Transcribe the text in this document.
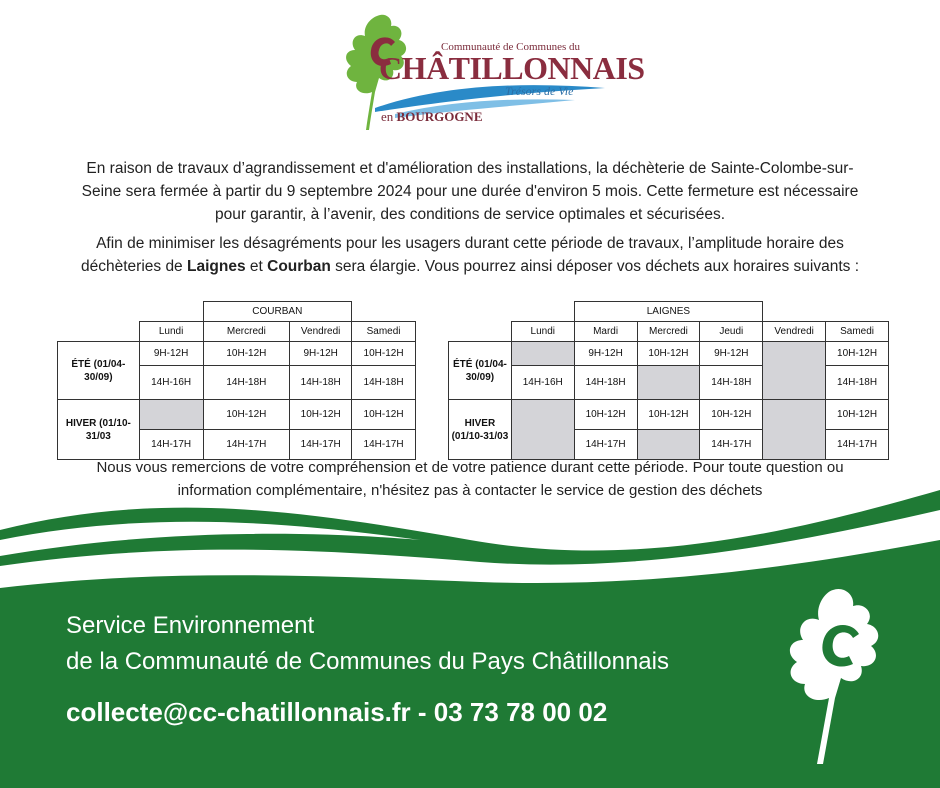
Communauté de Communes du
CHÂTILLONNAIS
Trésors de Vie
en BOURGOGNE
En raison de travaux d’agrandissement et d'amélioration des installations, la déchèterie de Sainte-Colombe-sur-Seine sera fermée à partir du 9 septembre 2024 pour une durée d'environ 5 mois. Cette fermeture est nécessaire pour garantir, à l’avenir, des conditions de service optimales et sécurisées.
Afin de minimiser les désagréments pour les usagers durant cette période de travaux, l’amplitude horaire des déchèteries de Laignes et Courban sera élargie. Vous pourrez ainsi déposer vos déchets aux horaires suivants :
		COURBAN		
	Lundi	Mercredi	Vendredi	Samedi
ÉTÉ (01/04-30/09)	9H-12H	10H-12H	9H-12H	10H-12H
	14H-16H	14H-18H	14H-18H	14H-18H
HIVER (01/10-31/03		10H-12H	10H-12H	10H-12H
	14H-17H	14H-17H	14H-17H	14H-17H
		LAIGNES				
	Lundi	Mardi	Mercredi	Jeudi	Vendredi	Samedi
ÉTÉ (01/04-30/09)		9H-12H	10H-12H	9H-12H		10H-12H
	14H-16H	14H-18H		14H-18H		14H-18H
HIVER (01/10-31/03		10H-12H	10H-12H	10H-12H		10H-12H
		14H-17H		14H-17H		14H-17H
Nous vous remercions de votre compréhension et de votre patience durant cette période. Pour toute question ou information complémentaire, n'hésitez pas à contacter le service de gestion des déchets
Service Environnement
de la Communauté de Communes du Pays Châtillonnais
collecte@cc-chatillonnais.fr - 03 73 78 00 02
